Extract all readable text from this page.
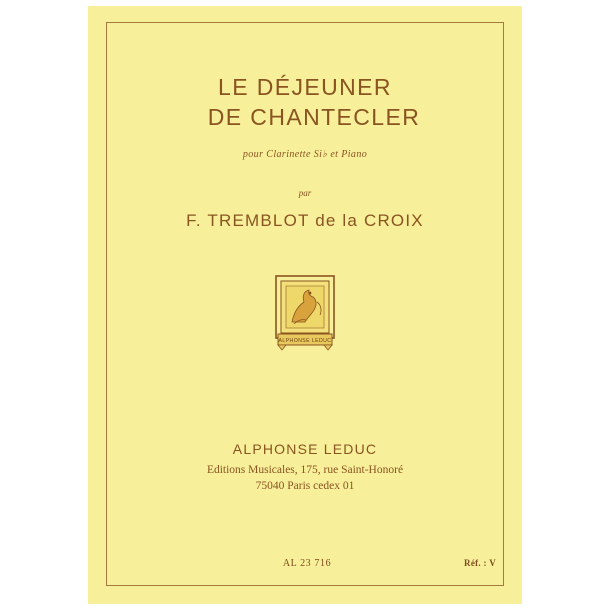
LE DÉJEUNER
DE CHANTECLER
pour Clarinette Si♭ et Piano
par
F. TREMBLOT de la CROIX
ALPHONSE LEDUC
ALPHONSE LEDUC
Editions Musicales, 175, rue Saint-Honoré
75040 Paris cedex 01
AL 23 716	Réf. : V
